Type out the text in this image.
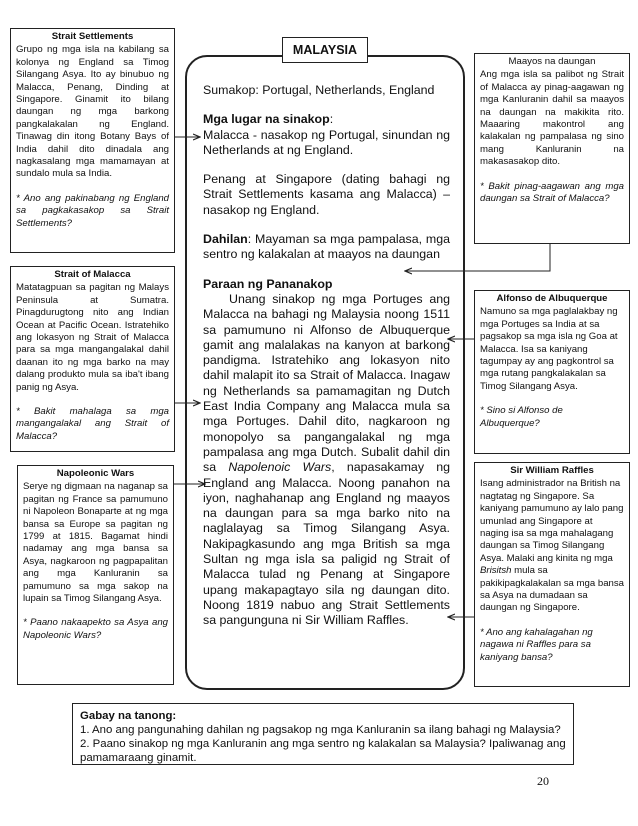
Strait Settlements
Grupo ng mga isla na kabilang sa kolonya ng England sa Timog Silangang Asya. Ito ay binubuo ng Malacca, Penang, Dinding at Singapore. Ginamit ito bilang daungan ng mga barkong pangkalakalan ng England. Tinawag din itong Botany Bays of India dahil dito dinadala ang nagkasalang mga mamamayan at sundalo mula sa India.
* Ano ang pakinabang ng England sa pagkakasakop sa Strait Settlements?
Strait of Malacca
Matatagpuan sa pagitan ng Malays Peninsula at Sumatra. Pinagdurugtong nito ang Indian Ocean at Pacific Ocean. Istratehiko ang lokasyon ng Strait of Malacca para sa mga mangangalakal dahil daanan ito ng mga barko na may dalang produkto mula sa iba't ibang panig ng Asya.
* Bakit mahalaga sa mga mangangalakal ang Strait of Malacca?
Napoleonic Wars
Serye ng digmaan na naganap sa pagitan ng France sa pamumuno ni Napoleon Bonaparte at ng mga bansa sa Europe sa pagitan ng 1799 at 1815. Bagamat hindi nadamay ang mga bansa sa Asya, nagkaroon ng pagpapalitan ang mga Kanluranin sa pamumuno sa mga sakop na lupain sa Timog Silangang Asya.
* Paano nakaapekto sa Asya ang Napoleonic Wars?

Sumakop: Portugal, Netherlands, England

Mga lugar na sinakop:
Malacca - nasakop ng Portugal, sinundan ng Netherlands at ng England.

Penang at Singapore (dating bahagi ng Strait Settlements kasama ang Malacca) – nasakop ng England.

Dahilan: Mayaman sa mga pampalasa, mga sentro ng kalakalan at maayos na daungan

Paraan ng Pananakop

Unang sinakop ng mga Portuges ang Malacca na bahagi ng Malaysia noong 1511 sa pamumuno ni Alfonso de Albuquerque gamit ang malalakas na kanyon at barkong pandigma. Istratehiko ang lokasyon nito dahil malapit ito sa Strait of Malacca. Inagaw ng Netherlands sa pamamagitan ng Dutch East India Company ang Malacca mula sa mga Portuges. Dahil dito, nagkaroon ng monopolyo sa pangangalakal ng mga pampalasa ang mga Dutch. Subalit dahil din sa Napolenoic Wars, napasakamay ng England ang Malacca. Noong panahon na iyon, naghahanap ang England ng maayos na daungan para sa mga barko nito na naglalayag sa Timog Silangang Asya. Nakipagkasundo ang mga British sa mga Sultan ng mga isla sa paligid ng Strait of Malacca tulad ng Penang at Singapore upang makapagtayo sila ng daungan dito. Noong 1819 nabuo ang Strait Settlements sa pangunguna ni Sir William Raffles.

MALAYSIA
Maayos na daungan
Ang mga isla sa palibot ng Strait of Malacca ay pinag-aagawan ng mga Kanluranin dahil sa maayos na daungan na makikita rito. Maaaring makontrol ang kalakalan ng pampalasa ng sino mang Kanluranin na makasasakop dito.
* Bakit pinag-aagawan ang mga daungan sa Strait of Malacca?
Alfonso de Albuquerque
Namuno sa mga paglalakbay ng mga Portuges sa India at sa pagsakop sa mga isla ng Goa at Malacca. Isa sa kaniyang tagumpay ay ang pagkontrol sa mga rutang pangkalakalan sa Timog Silangang Asya.
* Sino si Alfonso de Albuquerque?
Sir William Raffles
Isang administrador na British na nagtatag ng Singapore. Sa kaniyang pamumuno ay lalo pang umunlad ang Singapore at naging isa sa mga mahalagang daungan sa Timog Silangang Asya. Malaki ang kinita ng mga Brisitsh mula sa pakikipagkalakalan sa mga bansa sa Asya na dumadaan sa daungan ng Singapore.
* Ano ang kahalagahan ng nagawa ni Raffles para sa kaniyang bansa?
Gabay na tanong:
1. Ano ang pangunahing dahilan ng pagsakop ng mga Kanluranin sa ilang bahagi ng Malaysia?
2. Paano sinakop ng mga Kanluranin ang mga sentro ng kalakalan sa Malaysia? Ipaliwanag ang pamamaraang ginamit.
20
